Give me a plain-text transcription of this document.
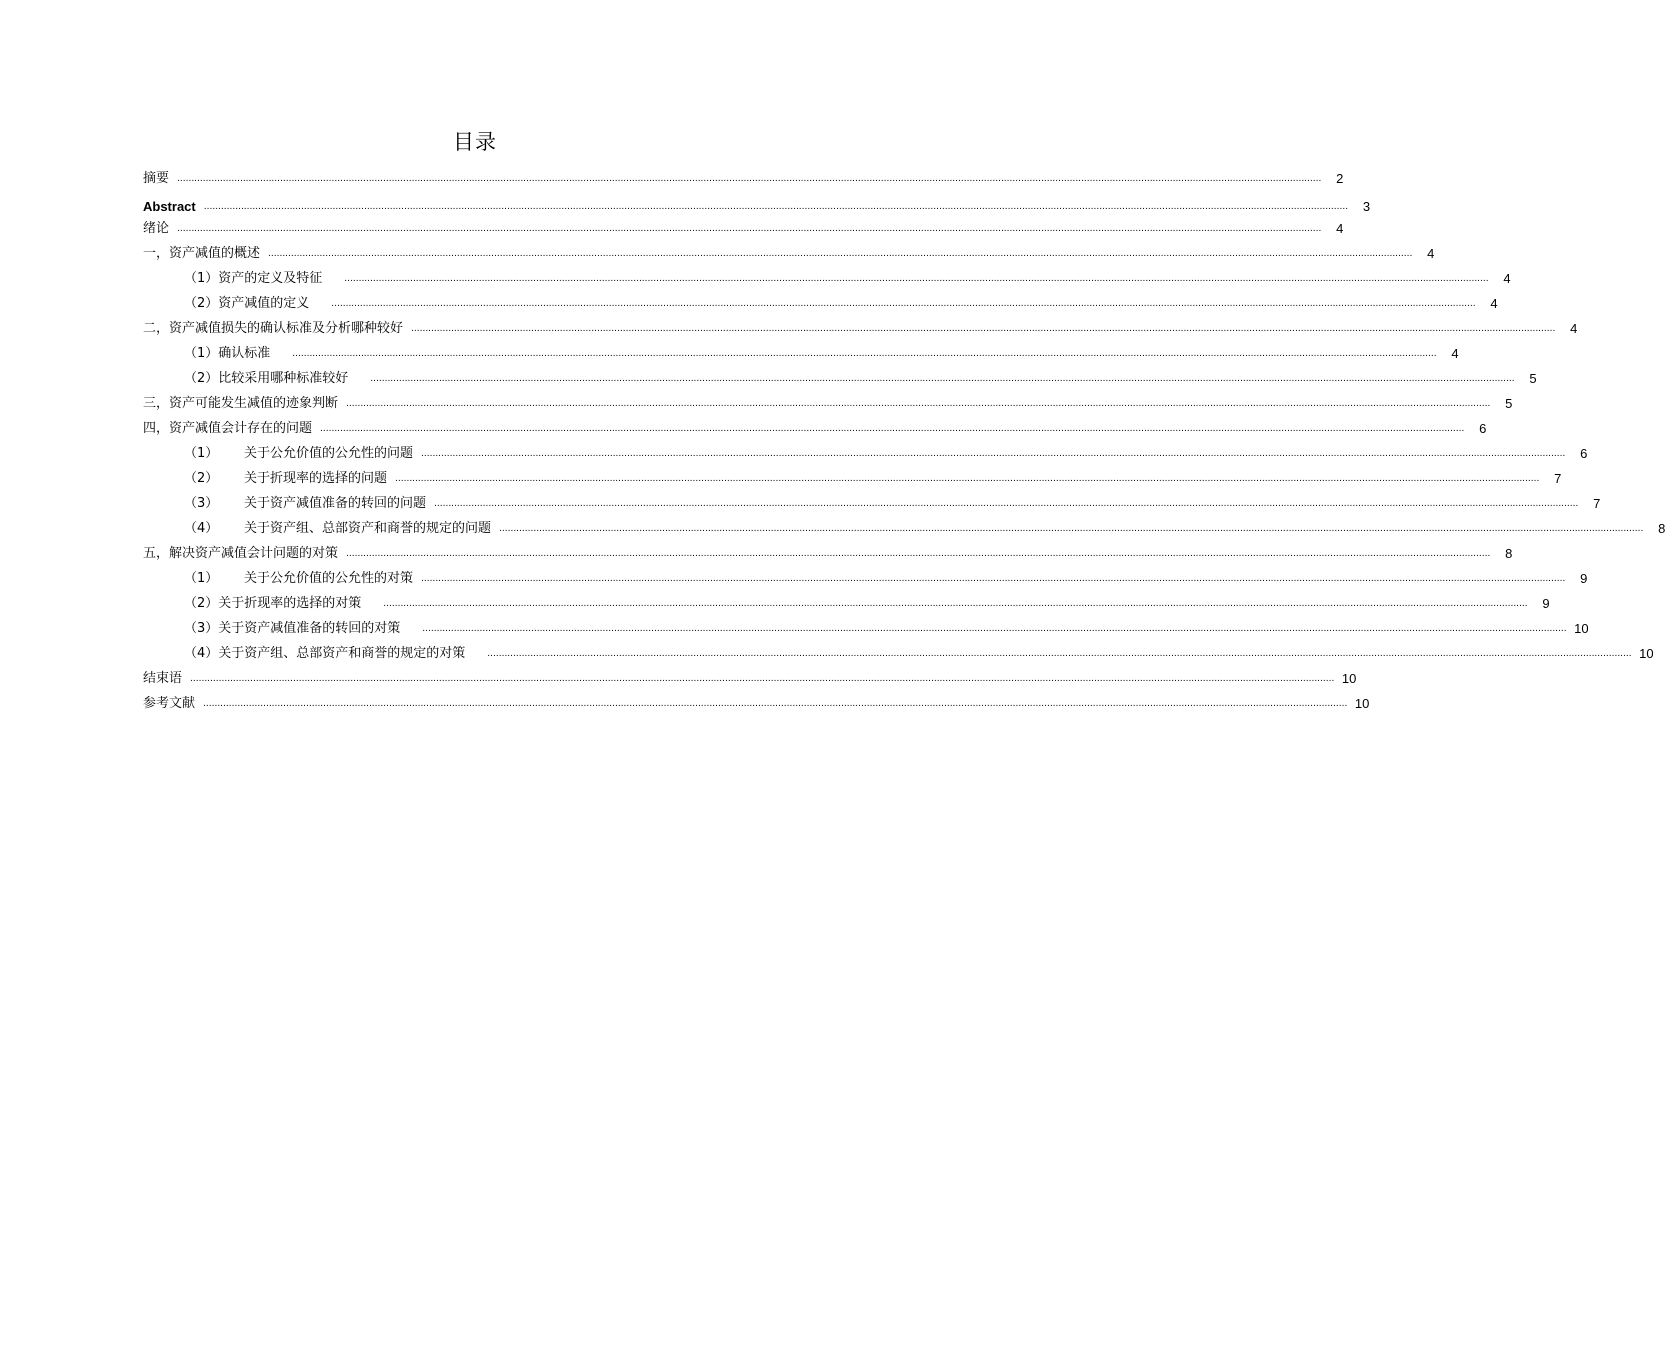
目录
摘要 ................................................................................................................................................................................................................................................................................................................................................................................................................	2
Abstract ................................................................................................................................................................................................................................................................................................................................................................................................................	3
绪论 ................................................................................................................................................................................................................................................................................................................................................................................................................	4
一，资产减值的概述 ................................................................................................................................................................................................................................................................................................................................................................................................................	4
（1）资产的定义及特征 ................................................................................................................................................................................................................................................................................................................................................................................................................	4
（2）资产减值的定义 ................................................................................................................................................................................................................................................................................................................................................................................................................	4
二，资产减值损失的确认标准及分析哪种较好 ................................................................................................................................................................................................................................................................................................................................................................................................................	4
（1）确认标准 ................................................................................................................................................................................................................................................................................................................................................................................................................	4
（2）比较采用哪种标准较好 ................................................................................................................................................................................................................................................................................................................................................................................................................	5
三，资产可能发生减值的迹象判断 ................................................................................................................................................................................................................................................................................................................................................................................................................	5
四，资产减值会计存在的问题 ................................................................................................................................................................................................................................................................................................................................................................................................................	6
（1）	关于公允价值的公允性的问题 ................................................................................................................................................................................................................................................................................................................................................................................................................	6
（2）	关于折现率的选择的问题 ................................................................................................................................................................................................................................................................................................................................................................................................................	7
（3）	关于资产减值准备的转回的问题 ................................................................................................................................................................................................................................................................................................................................................................................................................	7
（4）	关于资产组、总部资产和商誉的规定的问题 ................................................................................................................................................................................................................................................................................................................................................................................................................	8
五，解决资产减值会计问题的对策 ................................................................................................................................................................................................................................................................................................................................................................................................................	8
（1）	关于公允价值的公允性的对策 ................................................................................................................................................................................................................................................................................................................................................................................................................	9
（2）关于折现率的选择的对策 ................................................................................................................................................................................................................................................................................................................................................................................................................	9
（3）关于资产减值准备的转回的对策 ................................................................................................................................................................................................................................................................................................................................................................................................................ 10
（4）关于资产组、总部资产和商誉的规定的对策 ................................................................................................................................................................................................................................................................................................................................................................................................................ 10
结束语 ................................................................................................................................................................................................................................................................................................................................................................................................................ 10
参考文献 ................................................................................................................................................................................................................................................................................................................................................................................................................ 10
